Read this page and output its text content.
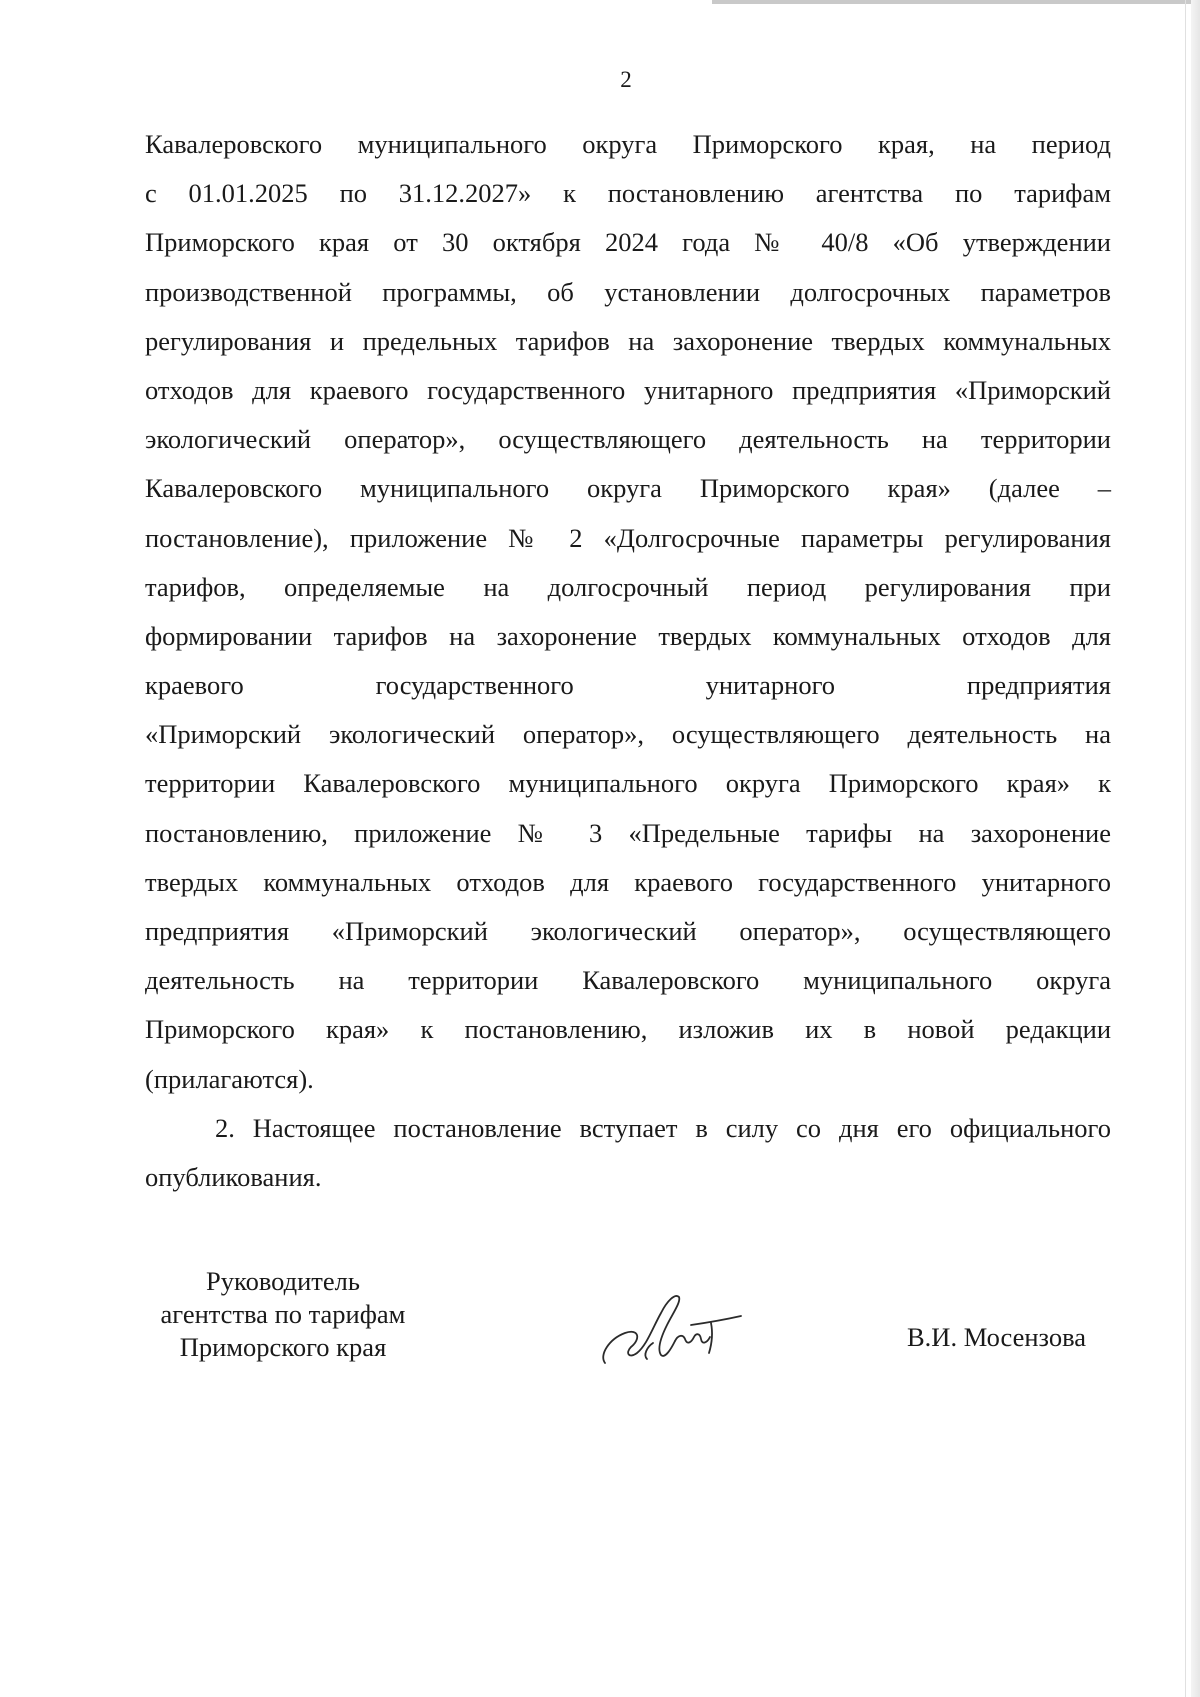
2
Кавалеровского муниципального округа Приморского края, на период
с 01.01.2025 по 31.12.2027» к постановлению агентства по тарифам
Приморского края от 30 октября 2024 года № 40/8 «Об утверждении
производственной программы, об установлении долгосрочных параметров
регулирования и предельных тарифов на захоронение твердых коммунальных
отходов для краевого государственного унитарного предприятия «Приморский
экологический оператор», осуществляющего деятельность на территории
Кавалеровского муниципального округа Приморского края» (далее –
постановление), приложение № 2 «Долгосрочные параметры регулирования
тарифов, определяемые на долгосрочный период регулирования при
формировании тарифов на захоронение твердых коммунальных отходов для
краевого государственного унитарного предприятия
«Приморский экологический оператор», осуществляющего деятельность на
территории Кавалеровского муниципального округа Приморского края» к
постановлению, приложение № 3 «Предельные тарифы на захоронение
твердых коммунальных отходов для краевого государственного унитарного
предприятия «Приморский экологический оператор», осуществляющего
деятельность на территории Кавалеровского муниципального округа
Приморского края» к постановлению, изложив их в новой редакции
(прилагаются).
2. Настоящее постановление вступает в силу со дня его официального
опубликования.
Руководитель
агентства по тарифам
Приморского края	В.И. Мосензова
